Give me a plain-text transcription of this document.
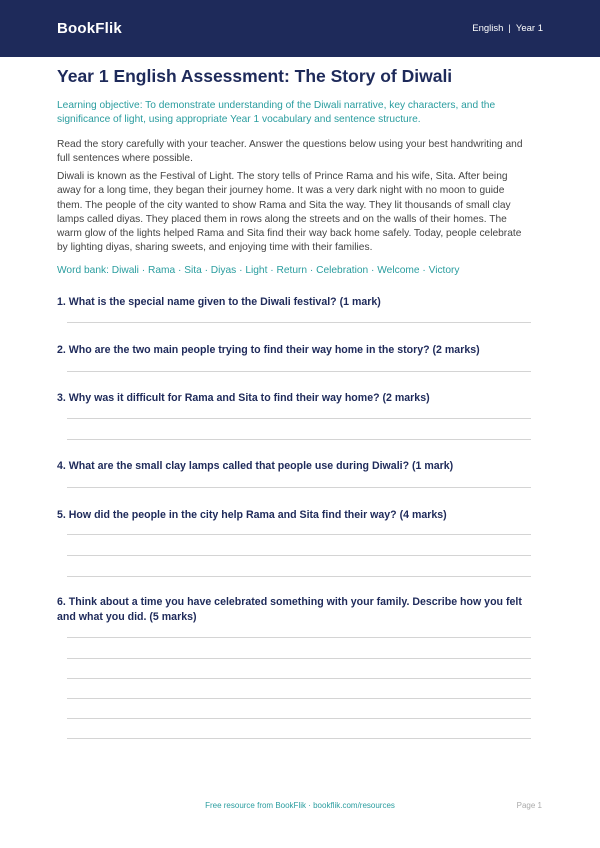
BookFlik	English | Year 1
Year 1 English Assessment: The Story of Diwali

Learning objective: To demonstrate understanding of the Diwali narrative, key characters, and the significance of light, using appropriate Year 1 vocabulary and sentence structure.

Read the story carefully with your teacher. Answer the questions below using your best handwriting and full sentences where possible.

Diwali is known as the Festival of Light. The story tells of Prince Rama and his wife, Sita. After being away for a long time, they began their journey home. It was a very dark night with no moon to guide them. The people of the city wanted to show Rama and Sita the way. They lit thousands of small clay lamps called diyas. They placed them in rows along the streets and on the walls of their homes. The warm glow of the lights helped Rama and Sita find their way back home safely. Today, people celebrate by lighting diyas, sharing sweets, and enjoying time with their families.

Word bank: Diwali · Rama · Sita · Diyas · Light · Return · Celebration · Welcome · Victory

1. What is the special name given to the Diwali festival? (1 mark)

2. Who are the two main people trying to find their way home in the story? (2 marks)

3. Why was it difficult for Rama and Sita to find their way home? (2 marks)

4. What are the small clay lamps called that people use during Diwali? (1 mark)

5. How did the people in the city help Rama and Sita find their way? (4 marks)

6. Think about a time you have celebrated something with your family. Describe how you felt and what you did. (5 marks)

Free resource from BookFlik · bookflik.com/resources	Page 1
